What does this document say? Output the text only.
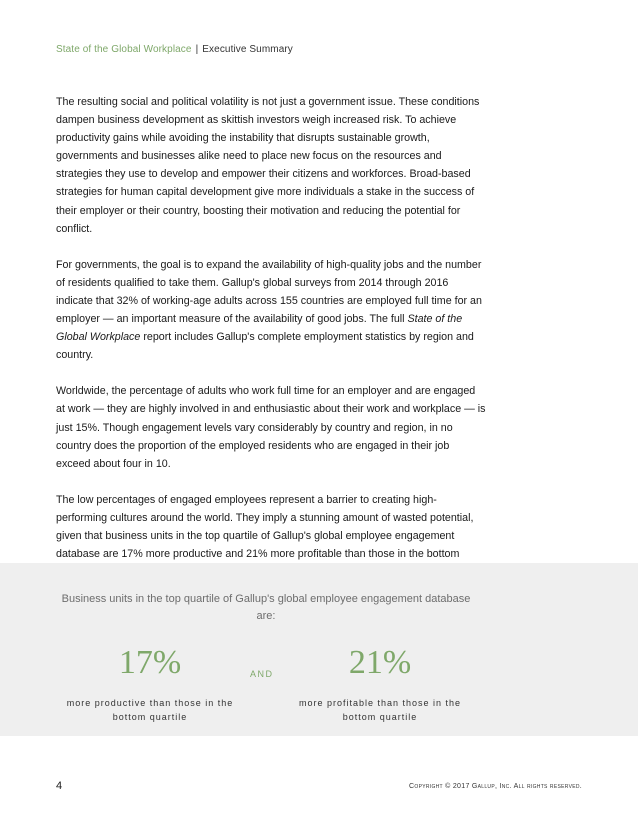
State of the Global Workplace | Executive Summary

The resulting social and political volatility is not just a government issue. These conditions dampen business development as skittish investors weigh increased risk. To achieve productivity gains while avoiding the instability that disrupts sustainable growth, governments and businesses alike need to place new focus on the resources and strategies they use to develop and empower their citizens and workforces. Broad-based strategies for human capital development give more individuals a stake in the success of their employer or their country, boosting their motivation and reducing the potential for conflict.

For governments, the goal is to expand the availability of high-quality jobs and the number of residents qualified to take them. Gallup's global surveys from 2014 through 2016 indicate that 32% of working-age adults across 155 countries are employed full time for an employer — an important measure of the availability of good jobs. The full State of the Global Workplace report includes Gallup's complete employment statistics by region and country.

Worldwide, the percentage of adults who work full time for an employer and are engaged at work — they are highly involved in and enthusiastic about their work and workplace — is just 15%. Though engagement levels vary considerably by country and region, in no country does the proportion of the employed residents who are engaged in their job exceed about four in 10.

The low percentages of engaged employees represent a barrier to creating high-performing cultures around the world. They imply a stunning amount of wasted potential, given that business units in the top quartile of Gallup's global employee engagement database are 17% more productive and 21% more profitable than those in the bottom

Business units in the top quartile of Gallup's global employee engagement database are:
17%
more productive than those in the bottom quartile
AND	21%
more profitable than those in the bottom quartile
4	Copyright © 2017 Gallup, Inc. All rights reserved.
